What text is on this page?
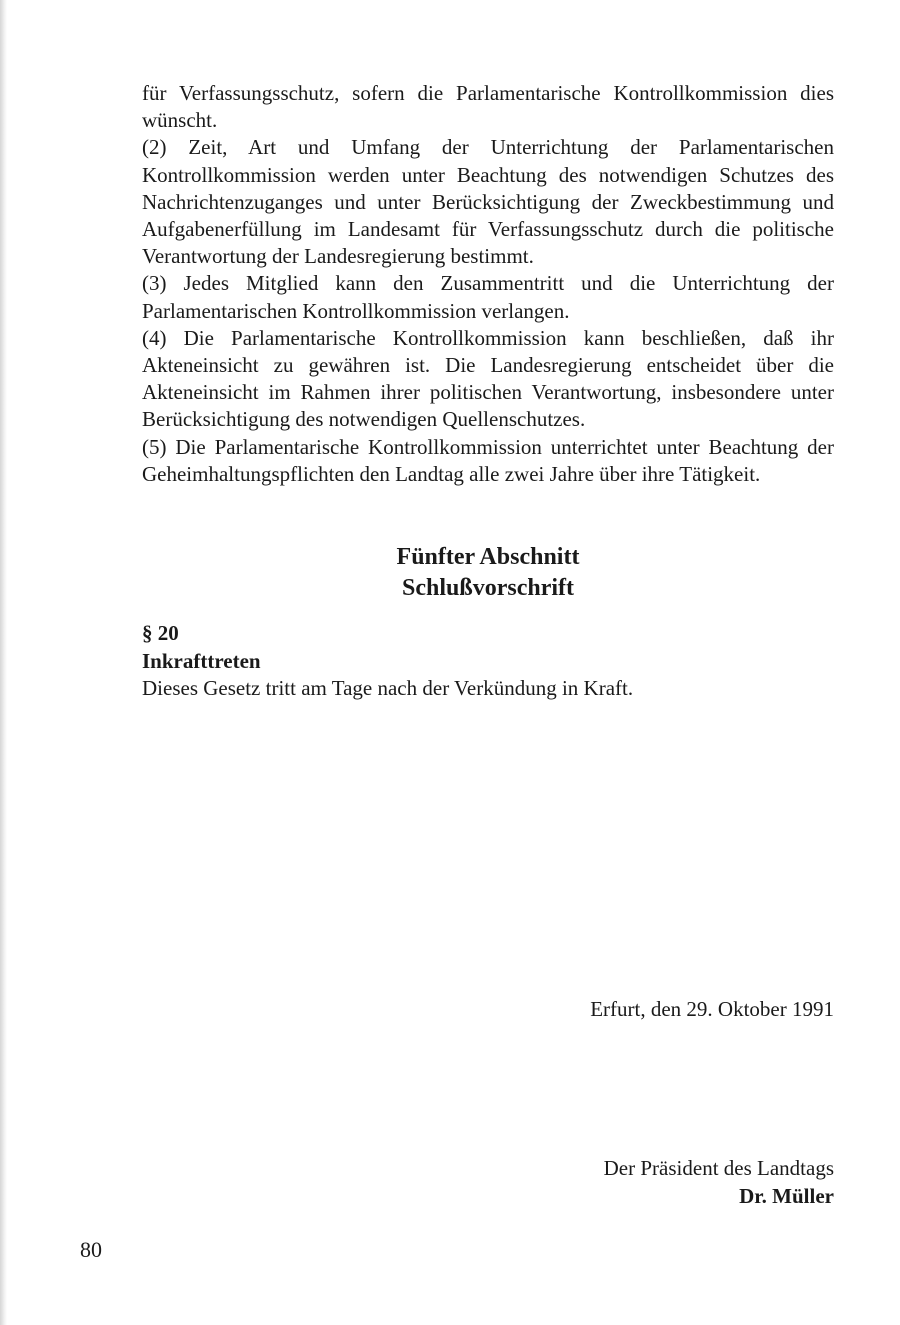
für Verfassungsschutz, sofern die Parlamentarische Kontrollkommission dies wünscht.

(2) Zeit, Art und Umfang der Unterrichtung der Parlamentarischen Kontrollkommission werden unter Beachtung des notwendigen Schutzes des Nachrichtenzuganges und unter Berücksichtigung der Zweckbestimmung und Aufgabenerfüllung im Landesamt für Verfassungsschutz durch die politische Verantwortung der Landesregierung bestimmt.

(3) Jedes Mitglied kann den Zusammentritt und die Unterrichtung der Parlamentarischen Kontrollkommission verlangen.

(4) Die Parlamentarische Kontrollkommission kann beschließen, daß ihr Akteneinsicht zu gewähren ist. Die Landesregierung entscheidet über die Akteneinsicht im Rahmen ihrer politischen Verantwortung, insbesondere unter Berücksichtigung des notwendigen Quellenschutzes.

(5) Die Parlamentarische Kontrollkommission unterrichtet unter Beachtung der Geheimhaltungspflichten den Landtag alle zwei Jahre über ihre Tätigkeit.

Fünfter Abschnitt
Schlußvorschrift
§ 20
Inkrafttreten
Dieses Gesetz tritt am Tage nach der Verkündung in Kraft.
Erfurt, den 29. Oktober 1991
Der Präsident des Landtags
Dr. Müller
80
